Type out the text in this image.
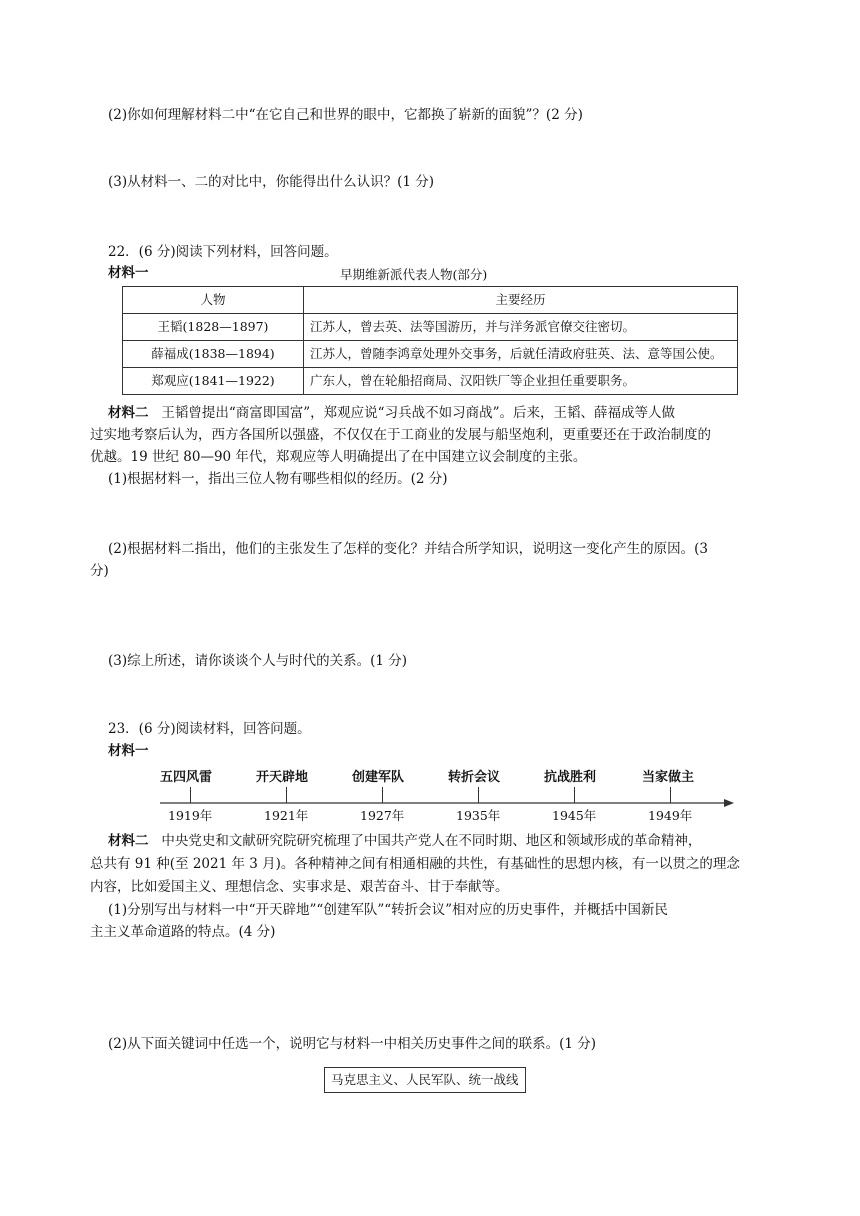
(2)你如何理解材料二中“在它自己和世界的眼中，它都换了崭新的面貌”？(2 分)
(3)从材料一、二的对比中，你能得出什么认识？(1 分)
22．(6 分)阅读下列材料，回答问题。
材料一	早期维新派代表人物(部分)
人物	主要经历
王韬(1828—1897)	江苏人，曾去英、法等国游历，并与洋务派官僚交往密切。
薛福成(1838—1894)	江苏人，曾随李鸿章处理外交事务，后就任清政府驻英、法、意等国公使。
郑观应(1841—1922)	广东人，曾在轮船招商局、汉阳铁厂等企业担任重要职务。
材料二 王韬曾提出“商富即国富”，郑观应说“习兵战不如习商战”。后来，王韬、薛福成等人做
过实地考察后认为，西方各国所以强盛，不仅仅在于工商业的发展与船坚炮利，更重要还在于政治制度的
优越。19 世纪 80—90 年代，郑观应等人明确提出了在中国建立议会制度的主张。
(1)根据材料一，指出三位人物有哪些相似的经历。(2 分)
(2)根据材料二指出，他们的主张发生了怎样的变化？并结合所学知识，说明这一变化产生的原因。(3
分)
(3)综上所述，请你谈谈个人与时代的关系。(1 分)
23．(6 分)阅读材料，回答问题。
材料一
五四风雷	开天辟地	创建军队	转折会议	抗战胜利	当家做主
1919年	1921年	1927年	1935年	1945年	1949年
材料二 中央党史和文献研究院研究梳理了中国共产党人在不同时期、地区和领域形成的革命精神，
总共有 91 种(至 2021 年 3 月)。各种精神之间有相通相融的共性，有基础性的思想内核，有一以贯之的理念
内容，比如爱国主义、理想信念、实事求是、艰苦奋斗、甘于奉献等。
(1)分别写出与材料一中“开天辟地”“创建军队”“转折会议”相对应的历史事件，并概括中国新民
主主义革命道路的特点。(4 分)
(2)从下面关键词中任选一个，说明它与材料一中相关历史事件之间的联系。(1 分)
马克思主义、人民军队、统一战线
